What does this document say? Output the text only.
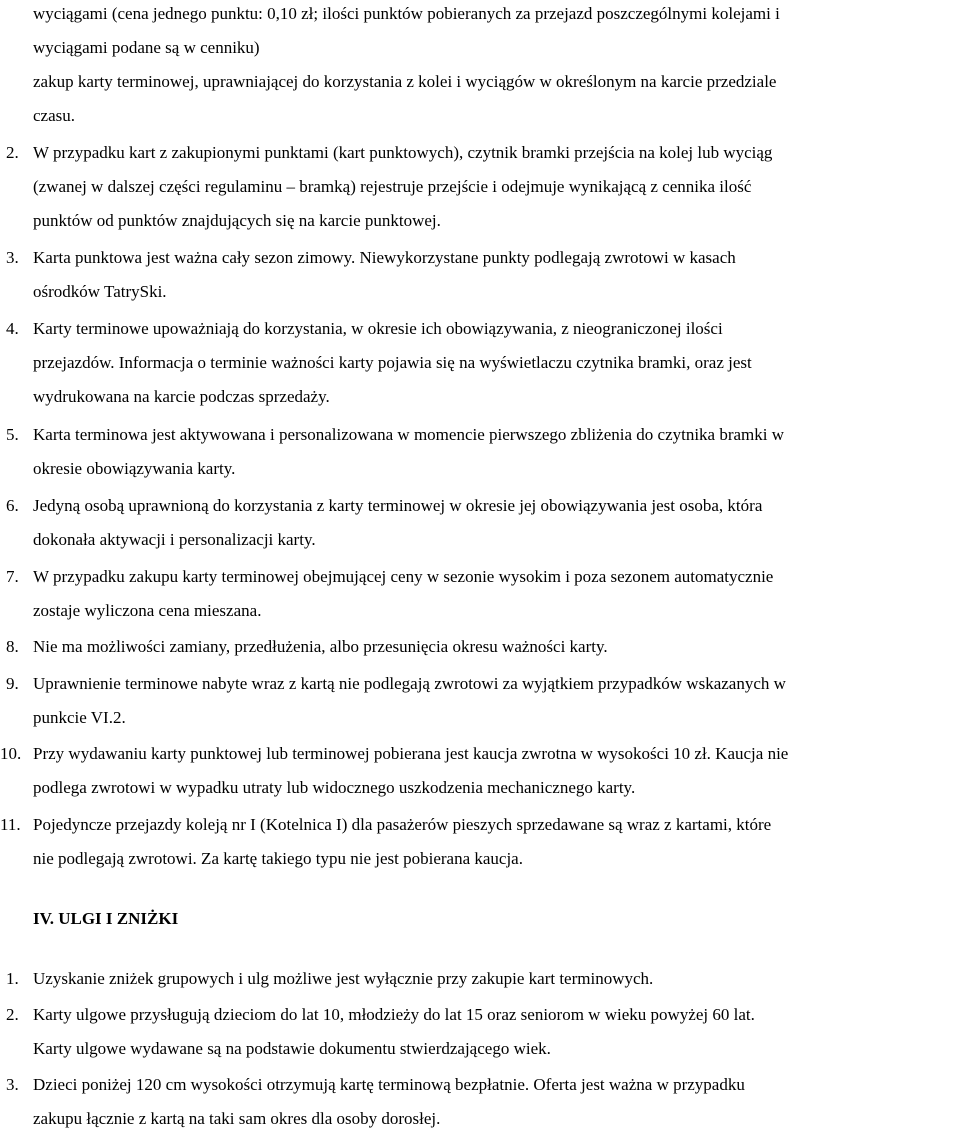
wyciągami (cena jednego punktu: 0,10 zł; ilości punktów pobieranych za przejazd poszczególnymi kolejami i
wyciągami podane są w cenniku)
zakup karty terminowej, uprawniającej do korzystania z kolei i wyciągów w określonym na karcie przedziale
czasu.
2. W przypadku kart z zakupionymi punktami (kart punktowych), czytnik bramki przejścia na kolej lub wyciąg
(zwanej w dalszej części regulaminu – bramką) rejestruje przejście i odejmuje wynikającą z cennika ilość
punktów od punktów znajdujących się na karcie punktowej.
3. Karta punktowa jest ważna cały sezon zimowy. Niewykorzystane punkty podlegają zwrotowi w kasach
ośrodków TatrySki.
4. Karty terminowe upoważniają do korzystania, w okresie ich obowiązywania, z nieograniczonej ilości
przejazdów. Informacja o terminie ważności karty pojawia się na wyświetlaczu czytnika bramki, oraz jest
wydrukowana na karcie podczas sprzedaży.
5. Karta terminowa jest aktywowana i personalizowana w momencie pierwszego zbliżenia do czytnika bramki w
okresie obowiązywania karty.
6. Jedyną osobą uprawnioną do korzystania z karty terminowej w okresie jej obowiązywania jest osoba, która
dokonała aktywacji i personalizacji karty.
7. W przypadku zakupu karty terminowej obejmującej ceny w sezonie wysokim i poza sezonem automatycznie
zostaje wyliczona cena mieszana.
8. Nie ma możliwości zamiany, przedłużenia, albo przesunięcia okresu ważności karty.
9. Uprawnienie terminowe nabyte wraz z kartą nie podlegają zwrotowi za wyjątkiem przypadków wskazanych w
punkcie VI.2.
10. Przy wydawaniu karty punktowej lub terminowej pobierana jest kaucja zwrotna w wysokości 10 zł. Kaucja nie
podlega zwrotowi w wypadku utraty lub widocznego uszkodzenia mechanicznego karty.
11. Pojedyncze przejazdy koleją nr I (Kotelnica I) dla pasażerów pieszych sprzedawane są wraz z kartami, które
nie podlegają zwrotowi. Za kartę takiego typu nie jest pobierana kaucja.
IV. ULGI I ZNIŻKI
1. Uzyskanie zniżek grupowych i ulg możliwe jest wyłącznie przy zakupie kart terminowych.
2. Karty ulgowe przysługują dzieciom do lat 10, młodzieży do lat 15 oraz seniorom w wieku powyżej 60 lat.
Karty ulgowe wydawane są na podstawie dokumentu stwierdzającego wiek.
3. Dzieci poniżej 120 cm wysokości otrzymują kartę terminową bezpłatnie. Oferta jest ważna w przypadku
zakupu łącznie z kartą na taki sam okres dla osoby dorosłej.
